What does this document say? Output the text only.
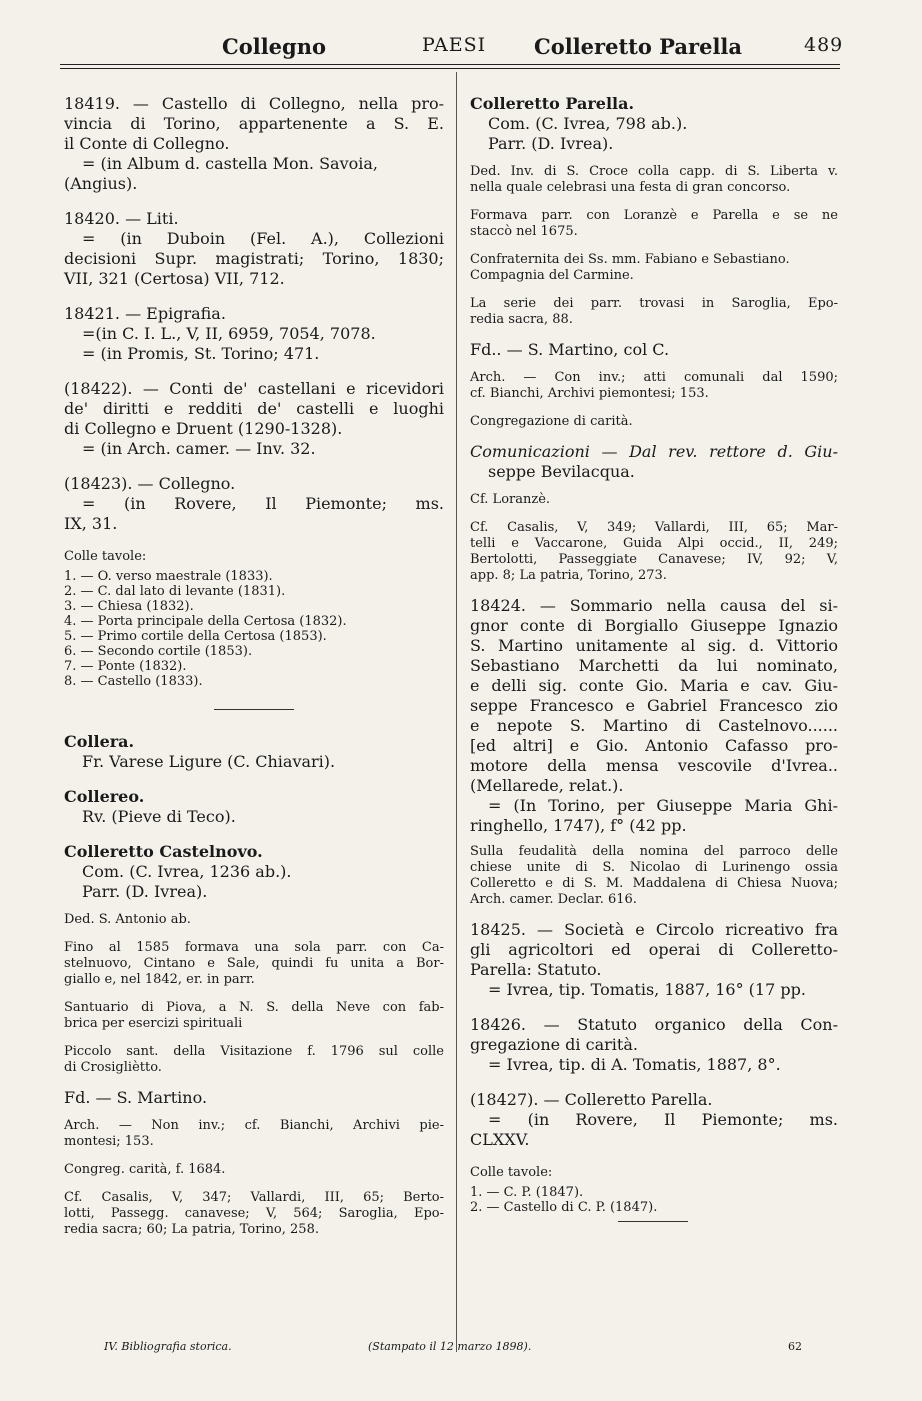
Collegno	PAESI Colleretto Parella	489
18419. — Castello di Collegno, nella pro-
vincia di Torino, appartenente a S. E.
il Conte di Collegno.
= (in Album d. castella Mon. Savoia,
(Angius).
18420. — Liti.
= (in Duboin (Fel. A.), Collezioni
decisioni Supr. magistrati; Torino, 1830;
VII, 321 (Certosa) VII, 712.
18421. — Epigrafia.
=(in C. I. L., V, II, 6959, 7054, 7078.
= (in Promis, St. Torino; 471.
(18422). — Conti de' castellani e ricevidori
de' diritti e redditi de' castelli e luoghi
di Collegno e Druent (1290-1328).
= (in Arch. camer. — Inv. 32.
(18423). — Collegno.
= (in Rovere, Il Piemonte; ms.
IX, 31.
Colle tavole:
1. — O. verso maestrale (1833).
2. — C. dal lato di levante (1831).
3. — Chiesa (1832).
4. — Porta principale della Certosa (1832).
5. — Primo cortile della Certosa (1853).
6. — Secondo cortile (1853).
7. — Ponte (1832).
8. — Castello (1833).
Collera.
Fr. Varese Ligure (C. Chiavari).
Collereo.
Rv. (Pieve di Teco).
Colleretto Castelnovo.
Com. (C. Ivrea, 1236 ab.).
Parr. (D. Ivrea).
Ded. S. Antonio ab.
Fino al 1585 formava una sola parr. con Ca-
stelnuovo, Cintano e Sale, quindi fu unita a Bor-
giallo e, nel 1842, er. in parr.
Santuario di Piova, a N. S. della Neve con fab-
brica per esercizi spirituali
Piccolo sant. della Visitazione f. 1796 sul colle
di Crosigliètto.
Fd. — S. Martino.
Arch. — Non inv.; cf. Bianchi, Archivi pie-
montesi; 153.
Congreg. carità, f. 1684.
Cf. Casalis, V, 347; Vallardi, III, 65; Berto-
lotti, Passegg. canavese; V, 564; Saroglia, Epo-
redia sacra; 60; La patria, Torino, 258.
Colleretto Parella.
Com. (C. Ivrea, 798 ab.).
Parr. (D. Ivrea).
Ded. Inv. di S. Croce colla capp. di S. Liberta v.
nella quale celebrasi una festa di gran concorso.
Formava parr. con Loranzè e Parella e se ne
staccò nel 1675.
Confraternita dei Ss. mm. Fabiano e Sebastiano.
Compagnia del Carmine.
La serie dei parr. trovasi in Saroglia, Epo-
redia sacra, 88.
Fd.. — S. Martino, col C.
Arch. — Con inv.; atti comunali dal 1590;
cf. Bianchi, Archivi piemontesi; 153.
Congregazione di carità.
Comunicazioni — Dal rev. rettore d. Giu-
seppe Bevilacqua.
Cf. Loranzè.
Cf. Casalis, V, 349; Vallardi, III, 65; Mar-
telli e Vaccarone, Guida Alpi occid., II, 249;
Bertolotti, Passeggiate Canavese; IV, 92; V,
app. 8; La patria, Torino, 273.
18424. — Sommario nella causa del si-
gnor conte di Borgiallo Giuseppe Ignazio
S. Martino unitamente al sig. d. Vittorio
Sebastiano Marchetti da lui nominato,
e delli sig. conte Gio. Maria e cav. Giu-
seppe Francesco e Gabriel Francesco zio
e nepote S. Martino di Castelnovo......
[ed altri] e Gio. Antonio Cafasso pro-
motore della mensa vescovile d'Ivrea..
(Mellarede, relat.).
= (In Torino, per Giuseppe Maria Ghi-
ringhello, 1747), f° (42 pp.
Sulla feudalità della nomina del parroco delle
chiese unite di S. Nicolao di Lurinengo ossia
Colleretto e di S. M. Maddalena di Chiesa Nuova;
Arch. camer. Declar. 616.
18425. — Società e Circolo ricreativo fra
gli agricoltori ed operai di Colleretto-
Parella: Statuto.
= Ivrea, tip. Tomatis, 1887, 16° (17 pp.
18426. — Statuto organico della Con-
gregazione di carità.
= Ivrea, tip. di A. Tomatis, 1887, 8°.
(18427). — Colleretto Parella.
= (in Rovere, Il Piemonte; ms.
CLXXV.
Colle tavole:
1. — C. P. (1847).
2. — Castello di C. P. (1847).
IV. Bibliografia storica.	(Stampato il 12 marzo 1898).	62
